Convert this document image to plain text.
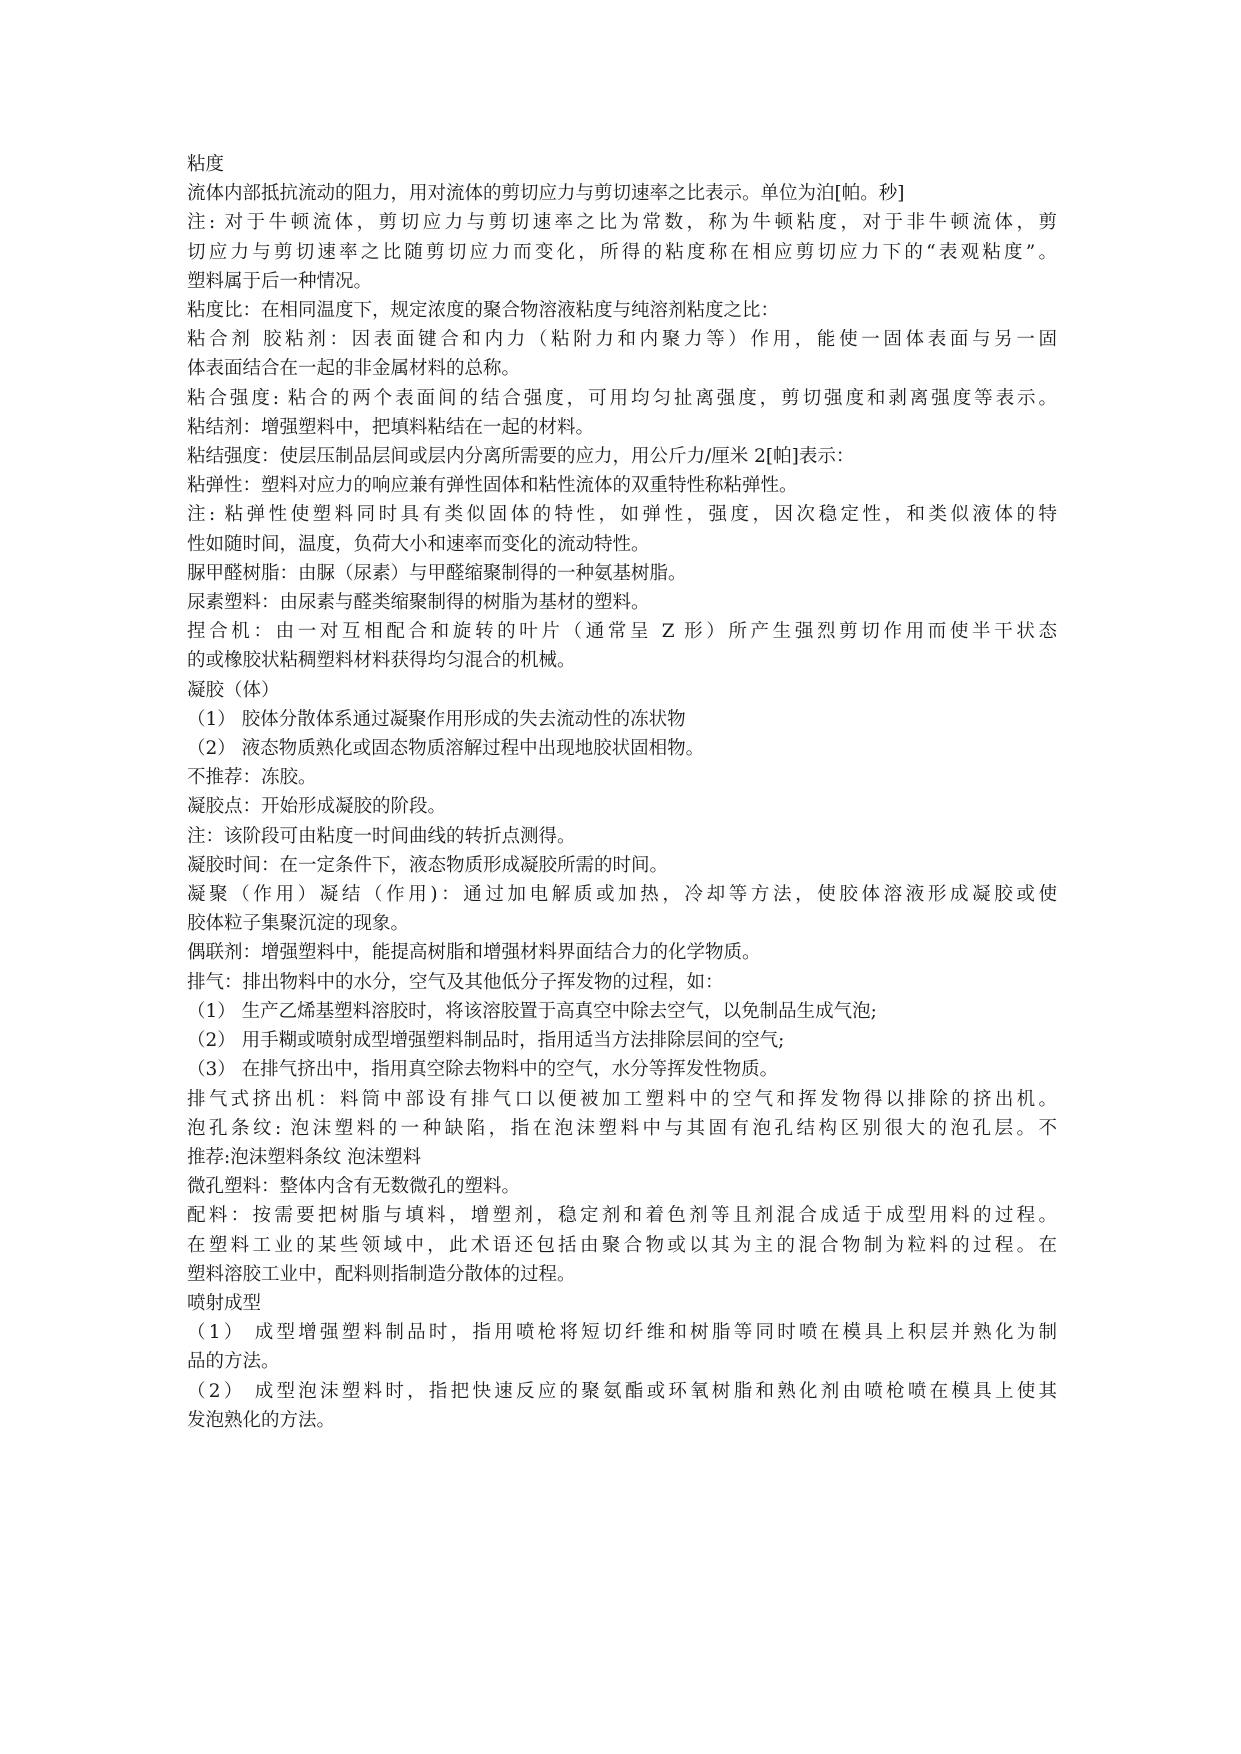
粘度
流体内部抵抗流动的阻力，用对流体的剪切应力与剪切速率之比表示。单位为泊[帕。秒]
注: 对于牛顿流体，剪切应力与剪切速率之比为常数，称为牛顿粘度，对于非牛顿流体，剪
切应力与剪切速率之比随剪切应力而变化，所得的粘度称在相应剪切应力下的“表观粘度”。
塑料属于后一种情况。
粘度比：在相同温度下，规定浓度的聚合物溶液粘度与纯溶剂粘度之比：
粘合剂 胶粘剂：因表面键合和内力（粘附力和内聚力等）作用，能使一固体表面与另一固
体表面结合在一起的非金属材料的总称。
粘合强度: 粘合的两个表面间的结合强度，可用均匀扯离强度，剪切强度和剥离强度等表示。
粘结剂：增强塑料中，把填料粘结在一起的材料。
粘结强度：使层压制品层间或层内分离所需要的应力，用公斤力/厘米 2[帕]表示：
粘弹性：塑料对应力的响应兼有弹性固体和粘性流体的双重特性称粘弹性。
注: 粘弹性使塑料同时具有类似固体的特性，如弹性，强度，因次稳定性，和类似液体的特
性如随时间，温度，负荷大小和速率而变化的流动特性。
脲甲醛树脂：由脲（尿素）与甲醛缩聚制得的一种氨基树脂。
尿素塑料：由尿素与醛类缩聚制得的树脂为基材的塑料。
捏合机：由一对互相配合和旋转的叶片（通常呈 Z 形）所产生强烈剪切作用而使半干状态
的或橡胶状粘稠塑料材料获得均匀混合的机械。
凝胶（体）
（1） 胶体分散体系通过凝聚作用形成的失去流动性的冻状物
（2） 液态物质熟化或固态物质溶解过程中出现地胶状固相物。
不推荐：冻胶。
凝胶点：开始形成凝胶的阶段。
注：该阶段可由粘度一时间曲线的转折点测得。
凝胶时间：在一定条件下，液态物质形成凝胶所需的时间。
凝聚（作用）凝结（作用)：通过加电解质或加热，冷却等方法，使胶体溶液形成凝胶或使
胶体粒子集聚沉淀的现象。
偶联剂：增强塑料中，能提高树脂和增强材料界面结合力的化学物质。
排气：排出物料中的水分，空气及其他低分子挥发物的过程，如：
（1） 生产乙烯基塑料溶胶时，将该溶胶置于高真空中除去空气，以免制品生成气泡;
（2） 用手糊或喷射成型增强塑料制品时，指用适当方法排除层间的空气;
（3） 在排气挤出中，指用真空除去物料中的空气，水分等挥发性物质。
排气式挤出机：料筒中部设有排气口以便被加工塑料中的空气和挥发物得以排除的挤出机。
泡孔条纹: 泡沫塑料的一种缺陷，指在泡沫塑料中与其固有泡孔结构区别很大的泡孔层。不
推荐:泡沫塑料条纹 泡沫塑料
微孔塑料：整体内含有无数微孔的塑料。
配料：按需要把树脂与填料，增塑剂，稳定剂和着色剂等且剂混合成适于成型用料的过程。
在塑料工业的某些领域中，此术语还包括由聚合物或以其为主的混合物制为粒料的过程。在
塑料溶胶工业中，配料则指制造分散体的过程。
喷射成型
（1） 成型增强塑料制品时，指用喷枪将短切纤维和树脂等同时喷在模具上积层并熟化为制
品的方法。
（2） 成型泡沫塑料时，指把快速反应的聚氨酯或环氧树脂和熟化剂由喷枪喷在模具上使其
发泡熟化的方法。
